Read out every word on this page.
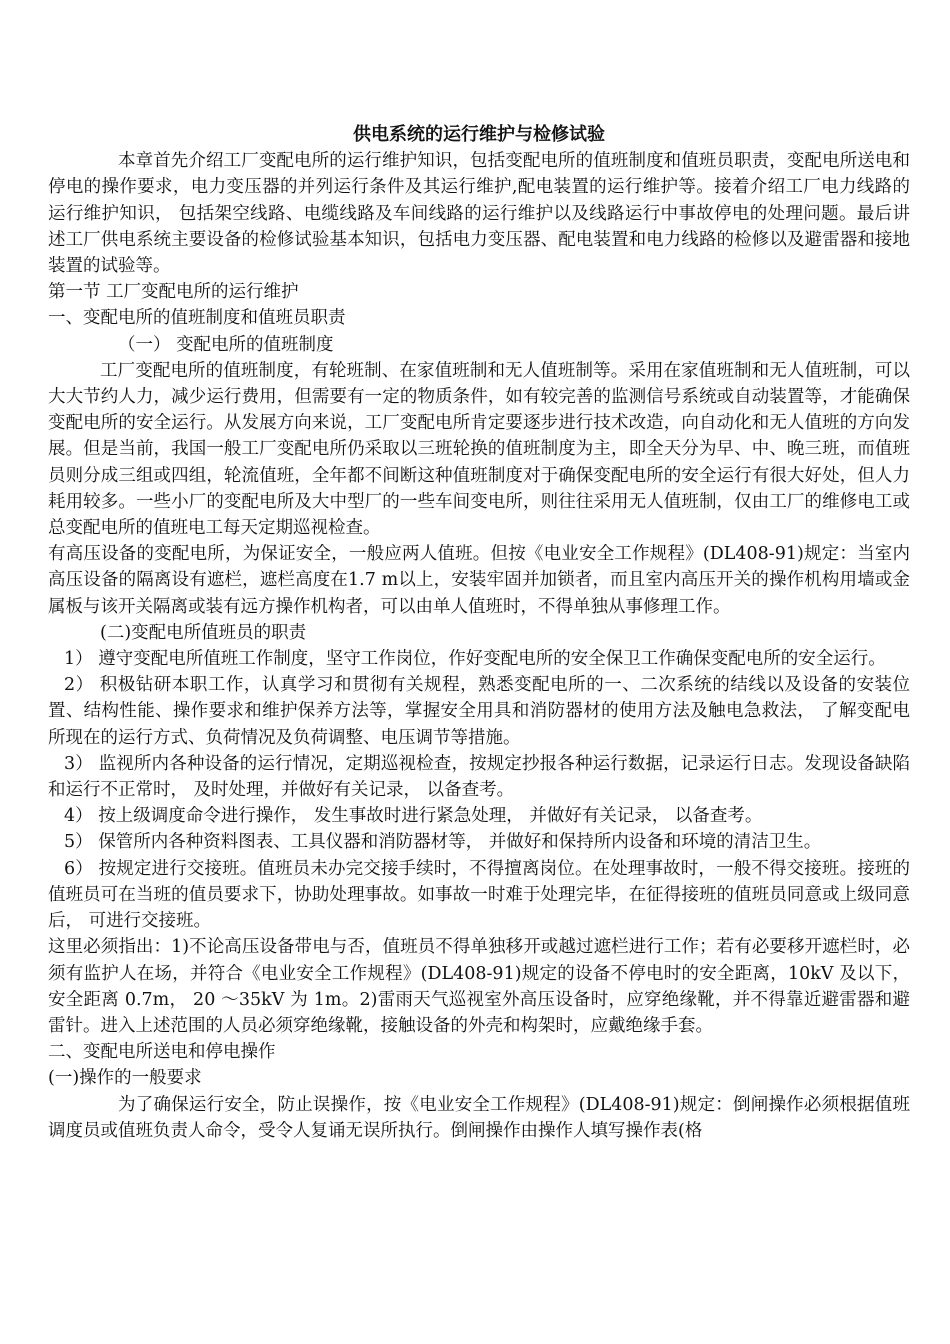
供电系统的运行维护与检修试验

本章首先介绍工厂变配电所的运行维护知识，包括变配电所的值班制度和值班员职责，变配电所送电和停电的操作要求，电力变压器的并列运行条件及其运行维护,配电装置的运行维护等。接着介绍工厂电力线路的运行维护知识， 包括架空线路、电缆线路及车间线路的运行维护以及线路运行中事故停电的处理问题。最后讲述工厂供电系统主要设备的检修试验基本知识，包括电力变压器、配电装置和电力线路的检修以及避雷器和接地装置的试验等。

第一节 工厂变配电所的运行维护

一、变配电所的值班制度和值班员职责

（一） 变配电所的值班制度

工厂变配电所的值班制度，有轮班制、在家值班制和无人值班制等。采用在家值班制和无人值班制，可以大大节约人力，减少运行费用，但需要有一定的物质条件，如有较完善的监测信号系统或自动装置等，才能确保变配电所的安全运行。从发展方向来说，工厂变配电所肯定要逐步进行技术改造，向自动化和无人值班的方向发展。但是当前，我国一般工厂变配电所仍采取以三班轮换的值班制度为主，即全天分为早、中、晚三班，而值班员则分成三组或四组，轮流值班，全年都不间断这种值班制度对于确保变配电所的安全运行有很大好处，但人力耗用较多。一些小厂的变配电所及大中型厂的一些车间变电所，则往往采用无人值班制，仅由工厂的维修电工或总变配电所的值班电工每天定期巡视检查。

有高压设备的变配电所，为保证安全，一般应两人值班。但按《电业安全工作规程》(DL408-91)规定：当室内高压设备的隔离设有遮栏，遮栏高度在1.7 m以上，安装牢固并加锁者，而且室内高压开关的操作机构用墙或金属板与该开关隔离或装有远方操作机构者，可以由单人值班时，不得单独从事修理工作。

(二)变配电所值班员的职责

1） 遵守变配电所值班工作制度，坚守工作岗位，作好变配电所的安全保卫工作确保变配电所的安全运行。

2） 积极钻研本职工作，认真学习和贯彻有关规程，熟悉变配电所的一、二次系统的结线以及设备的安装位置、结构性能、操作要求和维护保养方法等，掌握安全用具和消防器材的使用方法及触电急救法， 了解变配电所现在的运行方式、负荷情况及负荷调整、电压调节等措施。

3） 监视所内各种设备的运行情况，定期巡视检查，按规定抄报各种运行数据，记录运行日志。发现设备缺陷和运行不正常时， 及时处理，并做好有关记录， 以备查考。

4） 按上级调度命令进行操作， 发生事故时进行紧急处理， 并做好有关记录， 以备查考。

5） 保管所内各种资料图表、工具仪器和消防器材等， 并做好和保持所内设备和环境的清洁卫生。

6） 按规定进行交接班。值班员未办完交接手续时，不得擅离岗位。在处理事故时，一般不得交接班。接班的值班员可在当班的值员要求下，协助处理事故。如事故一时难于处理完毕，在征得接班的值班员同意或上级同意后， 可进行交接班。

这里必须指出：1)不论高压设备带电与否，值班员不得单独移开或越过遮栏进行工作；若有必要移开遮栏时，必须有监护人在场，并符合《电业安全工作规程》(DL408-91)规定的设备不停电时的安全距离，10kV 及以下，安全距离 0.7m， 20 ～35kV 为 1m。2)雷雨天气巡视室外高压设备时，应穿绝缘靴，并不得靠近避雷器和避雷针。进入上述范围的人员必须穿绝缘靴，接触设备的外壳和构架时，应戴绝缘手套。

二、变配电所送电和停电操作

(一)操作的一般要求

为了确保运行安全，防止误操作，按《电业安全工作规程》(DL408-91)规定：倒闸操作必须根据值班调度员或值班负责人命令，受令人复诵无误所执行。倒闸操作由操作人填写操作表(格
